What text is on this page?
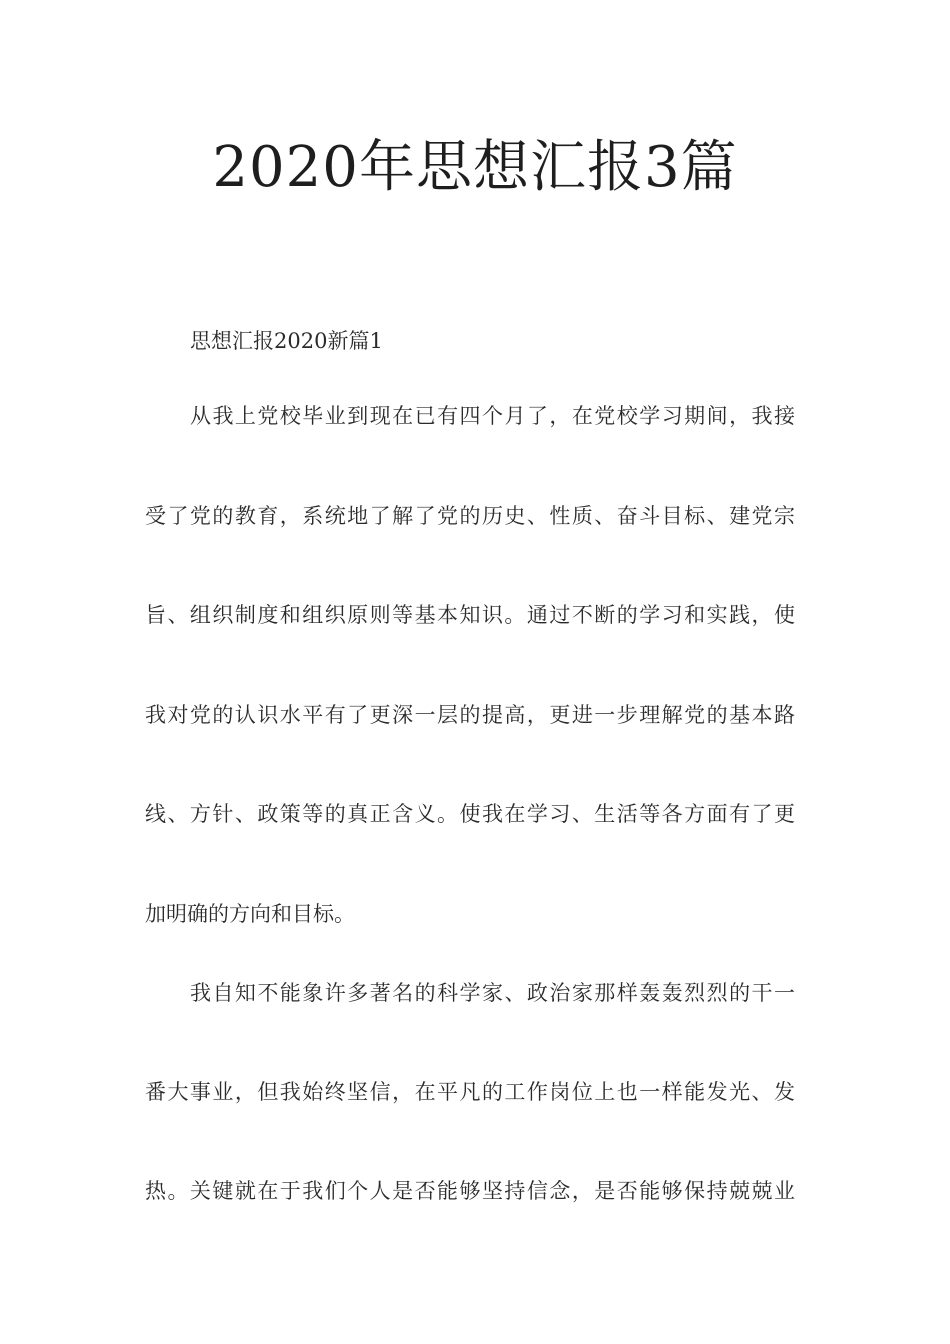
2020年思想汇报3篇

思想汇报2020新篇1

从我上党校毕业到现在已有四个月了，在党校学习期间，我接
受了党的教育，系统地了解了党的历史、性质、奋斗目标、建党宗
旨、组织制度和组织原则等基本知识。通过不断的学习和实践，使
我对党的认识水平有了更深一层的提高，更进一步理解党的基本路
线、方针、政策等的真正含义。使我在学习、生活等各方面有了更
加明确的方向和目标。
我自知不能象许多著名的科学家、政治家那样轰轰烈烈的干一
番大事业，但我始终坚信，在平凡的工作岗位上也一样能发光、发
热。关键就在于我们个人是否能够坚持信念，是否能够保持兢兢业
